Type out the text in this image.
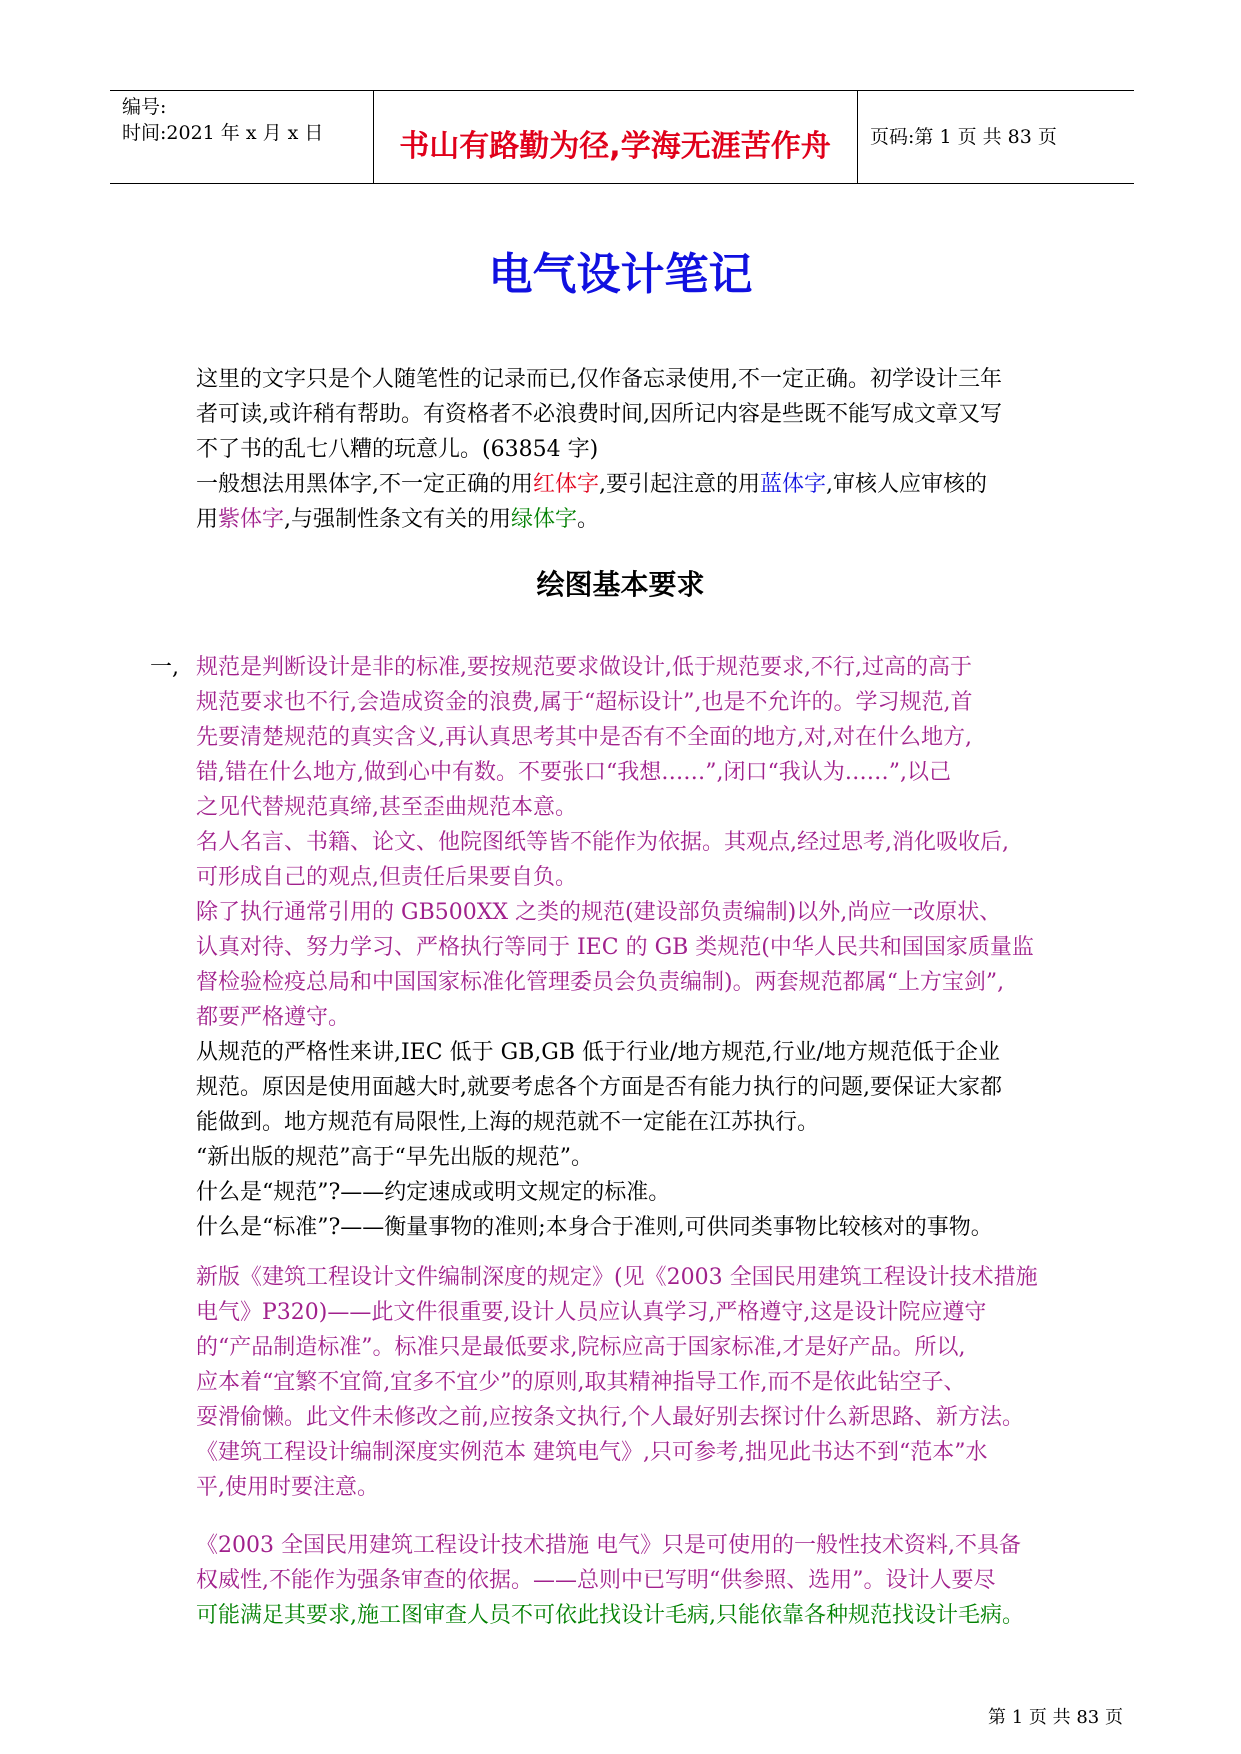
编号:
时间:2021 年 x 月 x 日	书山有路勤为径,学海无涯苦作舟	页码:第 1 页 共 83 页
电气设计笔记
这里的文字只是个人随笔性的记录而已,仅作备忘录使用,不一定正确。初学设计三年
者可读,或许稍有帮助。有资格者不必浪费时间,因所记内容是些既不能写成文章又写
不了书的乱七八糟的玩意儿。(63854 字)
一般想法用黑体字,不一定正确的用红体字,要引起注意的用蓝体字,审核人应审核的
用紫体字,与强制性条文有关的用绿体字。
绘图基本要求
一, 规范是判断设计是非的标准,要按规范要求做设计,低于规范要求,不行,过高的高于
规范要求也不行,会造成资金的浪费,属于“超标设计”,也是不允许的。学习规范,首
先要清楚规范的真实含义,再认真思考其中是否有不全面的地方,对,对在什么地方,
错,错在什么地方,做到心中有数。不要张口“我想……”,闭口“我认为……”,以己
之见代替规范真缔,甚至歪曲规范本意。
名人名言、书籍、论文、他院图纸等皆不能作为依据。其观点,经过思考,消化吸收后,
可形成自己的观点,但责任后果要自负。
除了执行通常引用的 GB500XX 之类的规范(建设部负责编制)以外,尚应一改原状、
认真对待、努力学习、严格执行等同于 IEC 的 GB 类规范(中华人民共和国国家质量监
督检验检疫总局和中国国家标准化管理委员会负责编制)。两套规范都属“上方宝剑”,
都要严格遵守。
从规范的严格性来讲,IEC 低于 GB,GB 低于行业/地方规范,行业/地方规范低于企业
规范。原因是使用面越大时,就要考虑各个方面是否有能力执行的问题,要保证大家都
能做到。地方规范有局限性,上海的规范就不一定能在江苏执行。
“新出版的规范”高于“早先出版的规范”。
什么是“规范”?——约定速成或明文规定的标准。
什么是“标准”?——衡量事物的准则;本身合于准则,可供同类事物比较核对的事物。
新版《建筑工程设计文件编制深度的规定》(见《2003 全国民用建筑工程设计技术措施
电气》P320)——此文件很重要,设计人员应认真学习,严格遵守,这是设计院应遵守
的“产品制造标准”。标准只是最低要求,院标应高于国家标准,才是好产品。所以,
应本着“宜繁不宜简,宜多不宜少”的原则,取其精神指导工作,而不是依此钻空子、
耍滑偷懒。此文件未修改之前,应按条文执行,个人最好别去探讨什么新思路、新方法。
《建筑工程设计编制深度实例范本 建筑电气》,只可参考,拙见此书达不到“范本”水
平,使用时要注意。
《2003 全国民用建筑工程设计技术措施 电气》只是可使用的一般性技术资料,不具备
权威性,不能作为强条审查的依据。——总则中已写明“供参照、选用”。设计人要尽
可能满足其要求,施工图审查人员不可依此找设计毛病,只能依靠各种规范找设计毛病。
第 1 页 共 83 页
